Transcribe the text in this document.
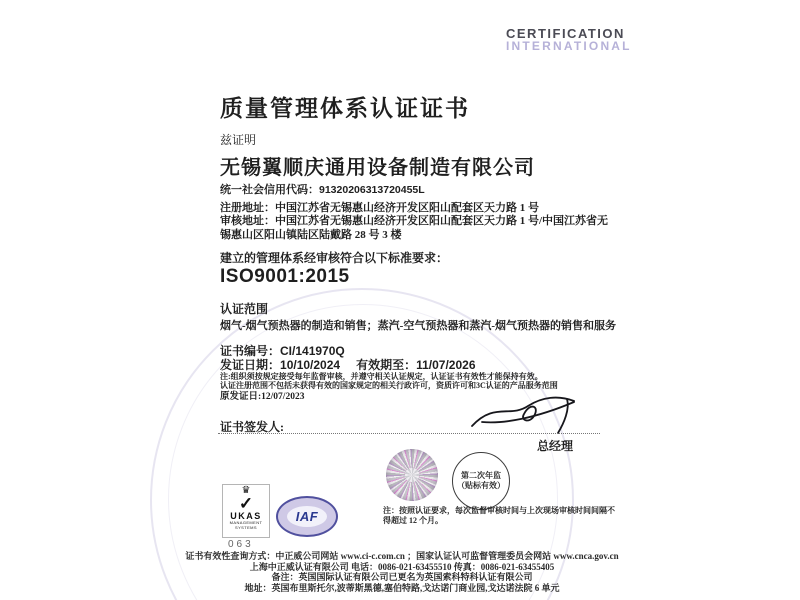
CERTIFICATION
INTERNATIONAL
质量管理体系认证证书
兹证明
无锡翼顺庆通用设备制造有限公司
统一社会信用代码：91320206313720455L
注册地址：中国江苏省无锡惠山经济开发区阳山配套区天力路 1 号
审核地址：中国江苏省无锡惠山经济开发区阳山配套区天力路 1 号/中国江苏省无锡惠山区阳山镇陆区陆戴路 28 号 3 楼
建立的管理体系经审核符合以下标准要求：
ISO9001:2015
认证范围
烟气-烟气预热器的制造和销售；蒸汽-空气预热器和蒸汽-烟气预热器的销售和服务
证书编号：CI/141970Q
发证日期：10/10/2024 有效期至：11/07/2026
注:组织须按规定接受每年监督审核，并遵守相关认证规定，认证证书有效性才能保持有效。
认证注册范围不包括未获得有效的国家规定的相关行政许可，资质许可和3C认证的产品服务范围
原发证日:12/07/2023
证书签发人:
总经理
第二次年监
（贴标有效）
注：按照认证要求，每次监督审核时间与上次现场审核时间间隔不得超过 12 个月。
♛
✓
UKAS
MANAGEMENT
SYSTEMS
063
IAF
证书有效性查询方式：中正威公司网站 www.ci-c.com.cn ；国家认证认可监督管理委员会网站 www.cnca.gov.cn
上海中正威认证有限公司 电话：0086-021-63455510 传真：0086-021-63455405
备注：英国国际认证有限公司已更名为英国索科特科认证有限公司
地址：英国布里斯托尔,波蒂斯黑德,塞伯特路,戈达诺门商业园,戈达诺法院 6 单元
